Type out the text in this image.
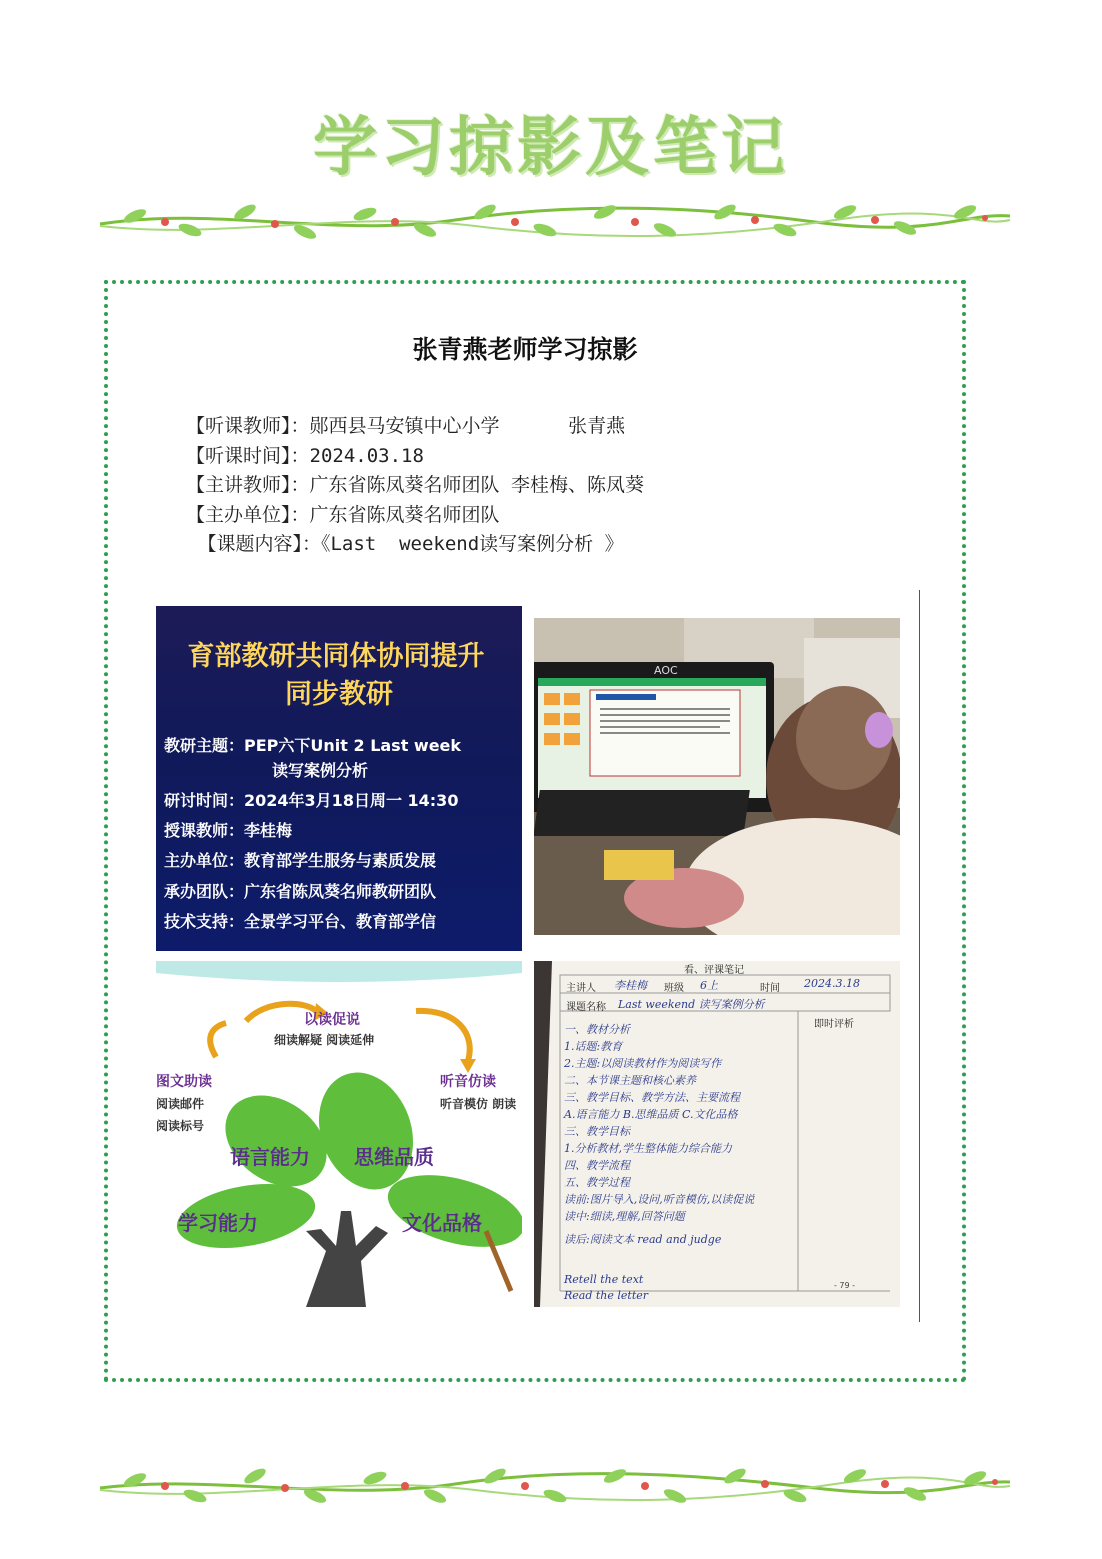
学习掠影及笔记
张青燕老师学习掠影
【听课教师】：郧西县马安镇中心小学      张青燕
【听课时间】：2024.03.18
【主讲教师】：广东省陈凤葵名师团队 李桂梅、陈凤葵
【主办单位】：广东省陈凤葵名师团队
【课题内容】：《Last  weekend读写案例分析 》
育部教研共同体协同提升
同步教研
教研主题：PEP六下Unit 2 Last week
读写案例分析
研讨时间：2024年3月18日周一 14:30
授课教师：李桂梅
主办单位：教育部学生服务与素质发展
承办团队：广东省陈凤葵名师教研团队
技术支持：全景学习平台、教育部学信
AOC
以读促说
细读解疑 阅读延伸
图文助读
阅读邮件
阅读标号
听音仿读
听音模仿 朗读
语言能力 思维品质
学习能力	文化品格
看、评课笔记
主讲人 李桂梅 班级 6上	时间 2024.3.18
课题名称 Last weekend 读写案例分析
即时评析
一、教材分析
1.话题:教育
2.主题:以阅读教材作为阅读写作
二、本节课主题和核心素养
三、教学目标、教学方法、主要流程
A.语言能力 B.思维品质 C.文化品格
三、教学目标
1.分析教材,学生整体能力综合能力
四、教学流程
五、教学过程
读前:图片导入,设问,听音模仿,以读促说
读中:细读,理解,回答问题
读后:阅读文本 read and judge
Retell the text
Read the letter
- 79 -
